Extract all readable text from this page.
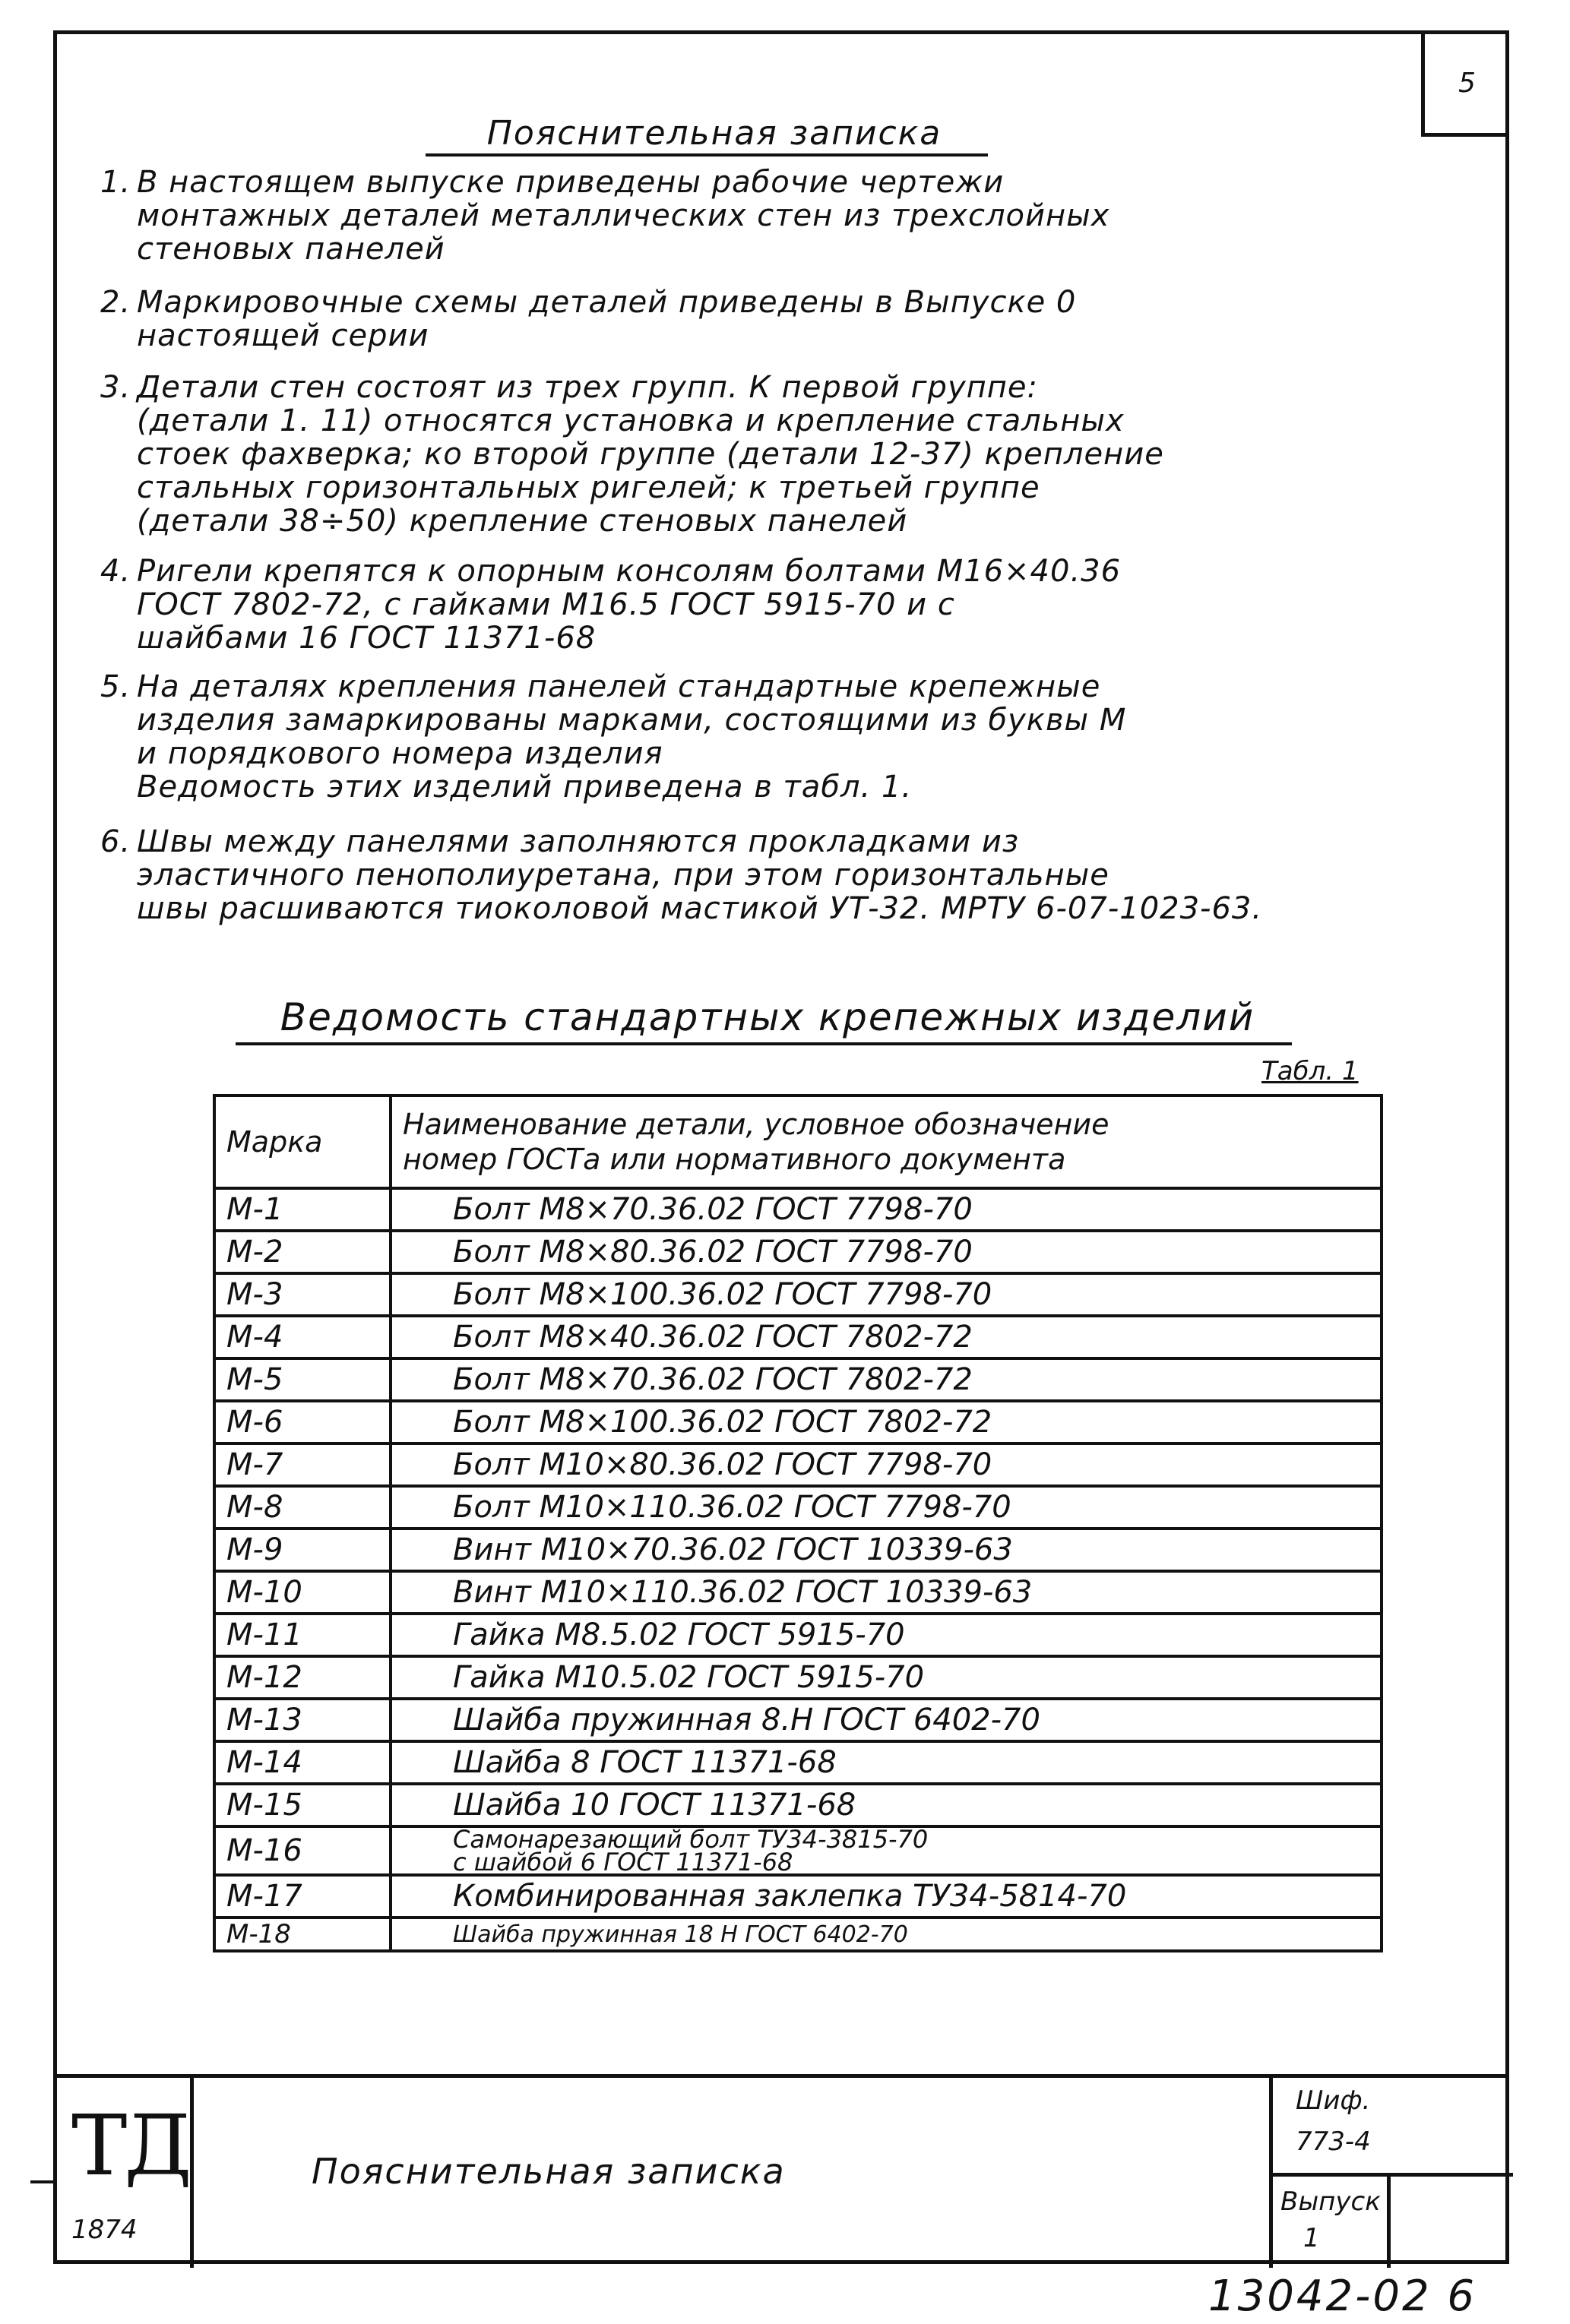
5
Пояснительная записка
1. В настоящем выпуске приведены рабочие чертежи
монтажных деталей металлических стен из трехслойных
стеновых панелей
2. Маркировочные схемы деталей приведены в Выпуске 0
настоящей серии
3. Детали стен состоят из трех групп. К первой группе:
(детали 1. 11) относятся установка и крепление стальных
стоек фахверка; ко второй группе (детали 12-37) крепление
стальных горизонтальных ригелей; к третьей группе
(детали 38÷50) крепление стеновых панелей
4. Ригели крепятся к опорным консолям болтами М16×40.36
ГОСТ 7802-72, с гайками М16.5 ГОСТ 5915-70 и с
шайбами 16 ГОСТ 11371-68
5. На деталях крепления панелей стандартные крепежные
изделия замаркированы марками, состоящими из буквы М
и порядкового номера изделия
Ведомость этих изделий приведена в табл. 1.
6. Швы между панелями заполняются прокладками из
эластичного пенополиуретана, при этом горизонтальные
швы расшиваются тиоколовой мастикой УТ-32. МРТУ 6-07-1023-63.
Ведомость стандартных крепежных изделий
Табл. 1
Марка	Наименование детали, условное обозначение
номер ГОСТа или нормативного документа

М-1	Болт М8×70.36.02 ГОСТ 7798-70
М-2	Болт М8×80.36.02 ГОСТ 7798-70
М-3	Болт М8×100.36.02 ГОСТ 7798-70
М-4	Болт М8×40.36.02 ГОСТ 7802-72
М-5	Болт М8×70.36.02 ГОСТ 7802-72
М-6	Болт М8×100.36.02 ГОСТ 7802-72
М-7	Болт М10×80.36.02 ГОСТ 7798-70
М-8	Болт М10×110.36.02 ГОСТ 7798-70
М-9	Винт М10×70.36.02 ГОСТ 10339-63
М-10	Винт М10×110.36.02 ГОСТ 10339-63
М-11	Гайка М8.5.02 ГОСТ 5915-70
М-12	Гайка М10.5.02 ГОСТ 5915-70
М-13	Шайба пружинная 8.Н ГОСТ 6402-70
М-14	Шайба 8 ГОСТ 11371-68
М-15	Шайба 10 ГОСТ 11371-68
М-16	Самонарезающий болт ТУ34-3815-70
с шайбой 6 ГОСТ 11371-68

М-17	Комбинированная заклепка ТУ34-5814-70
М-18	Шайба пружинная 18 Н ГОСТ 6402-70
ТД
1874
Пояснительная записка
Шиф.
773-4
Выпуск
1
13042-02 6
